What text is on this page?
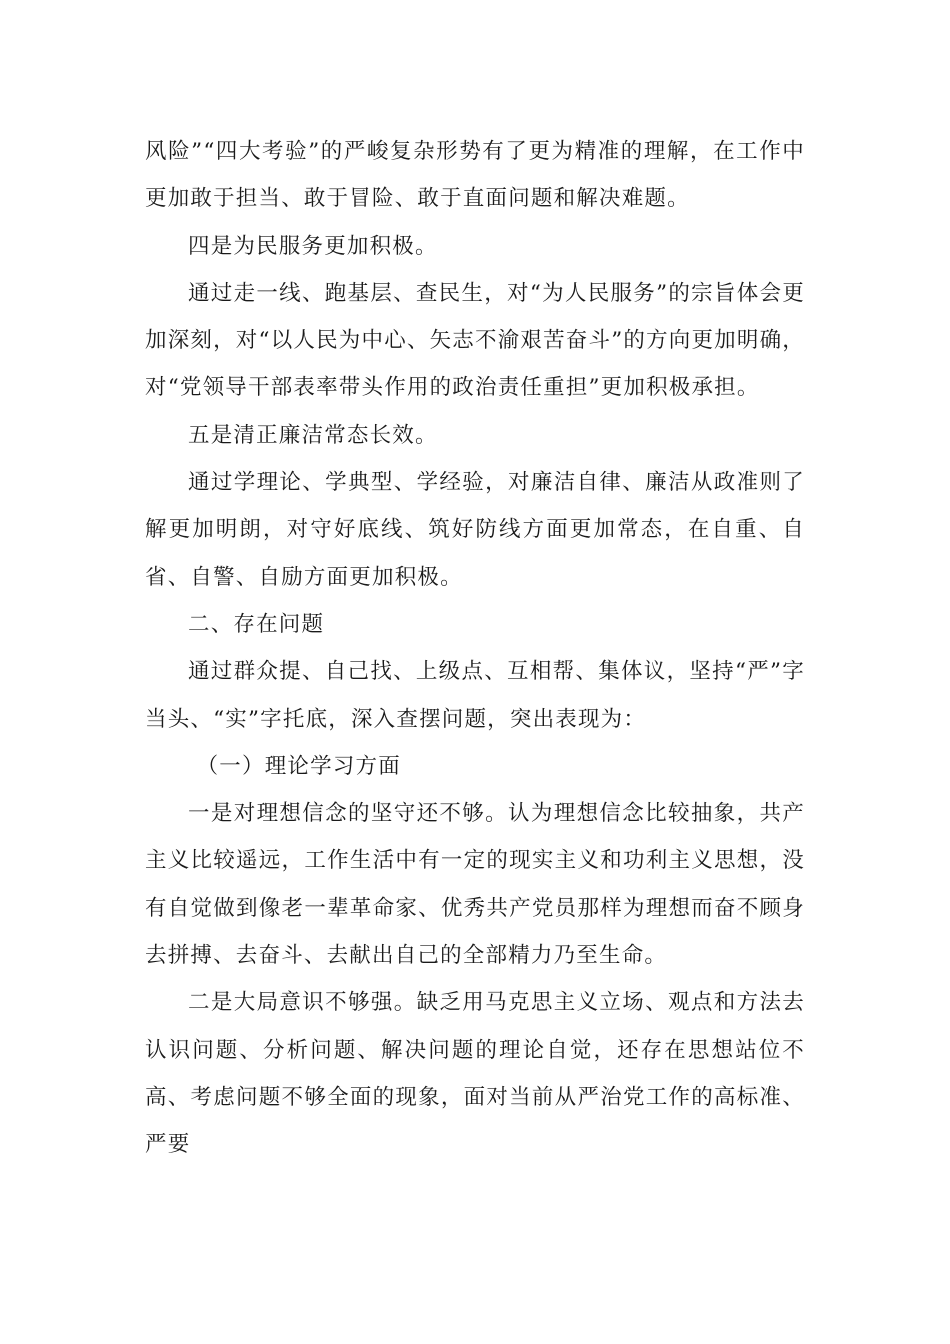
风险”“四大考验”的严峻复杂形势有了更为精准的理解，在工作中更加敢于担当、敢于冒险、敢于直面问题和解决难题。

四是为民服务更加积极。

通过走一线、跑基层、查民生，对“为人民服务”的宗旨体会更加深刻，对“以人民为中心、矢志不渝艰苦奋斗”的方向更加明确，对“党领导干部表率带头作用的政治责任重担”更加积极承担。

五是清正廉洁常态长效。

通过学理论、学典型、学经验，对廉洁自律、廉洁从政准则了解更加明朗，对守好底线、筑好防线方面更加常态，在自重、自省、自警、自励方面更加积极。

二、存在问题

通过群众提、自己找、上级点、互相帮、集体议，坚持“严”字当头、“实”字托底，深入查摆问题，突出表现为：

（一）理论学习方面

一是对理想信念的坚守还不够。认为理想信念比较抽象，共产主义比较遥远，工作生活中有一定的现实主义和功利主义思想，没有自觉做到像老一辈革命家、优秀共产党员那样为理想而奋不顾身去拼搏、去奋斗、去献出自己的全部精力乃至生命。

二是大局意识不够强。缺乏用马克思主义立场、观点和方法去认识问题、分析问题、解决问题的理论自觉，还存在思想站位不高、考虑问题不够全面的现象，面对当前从严治党工作的高标准、严要
